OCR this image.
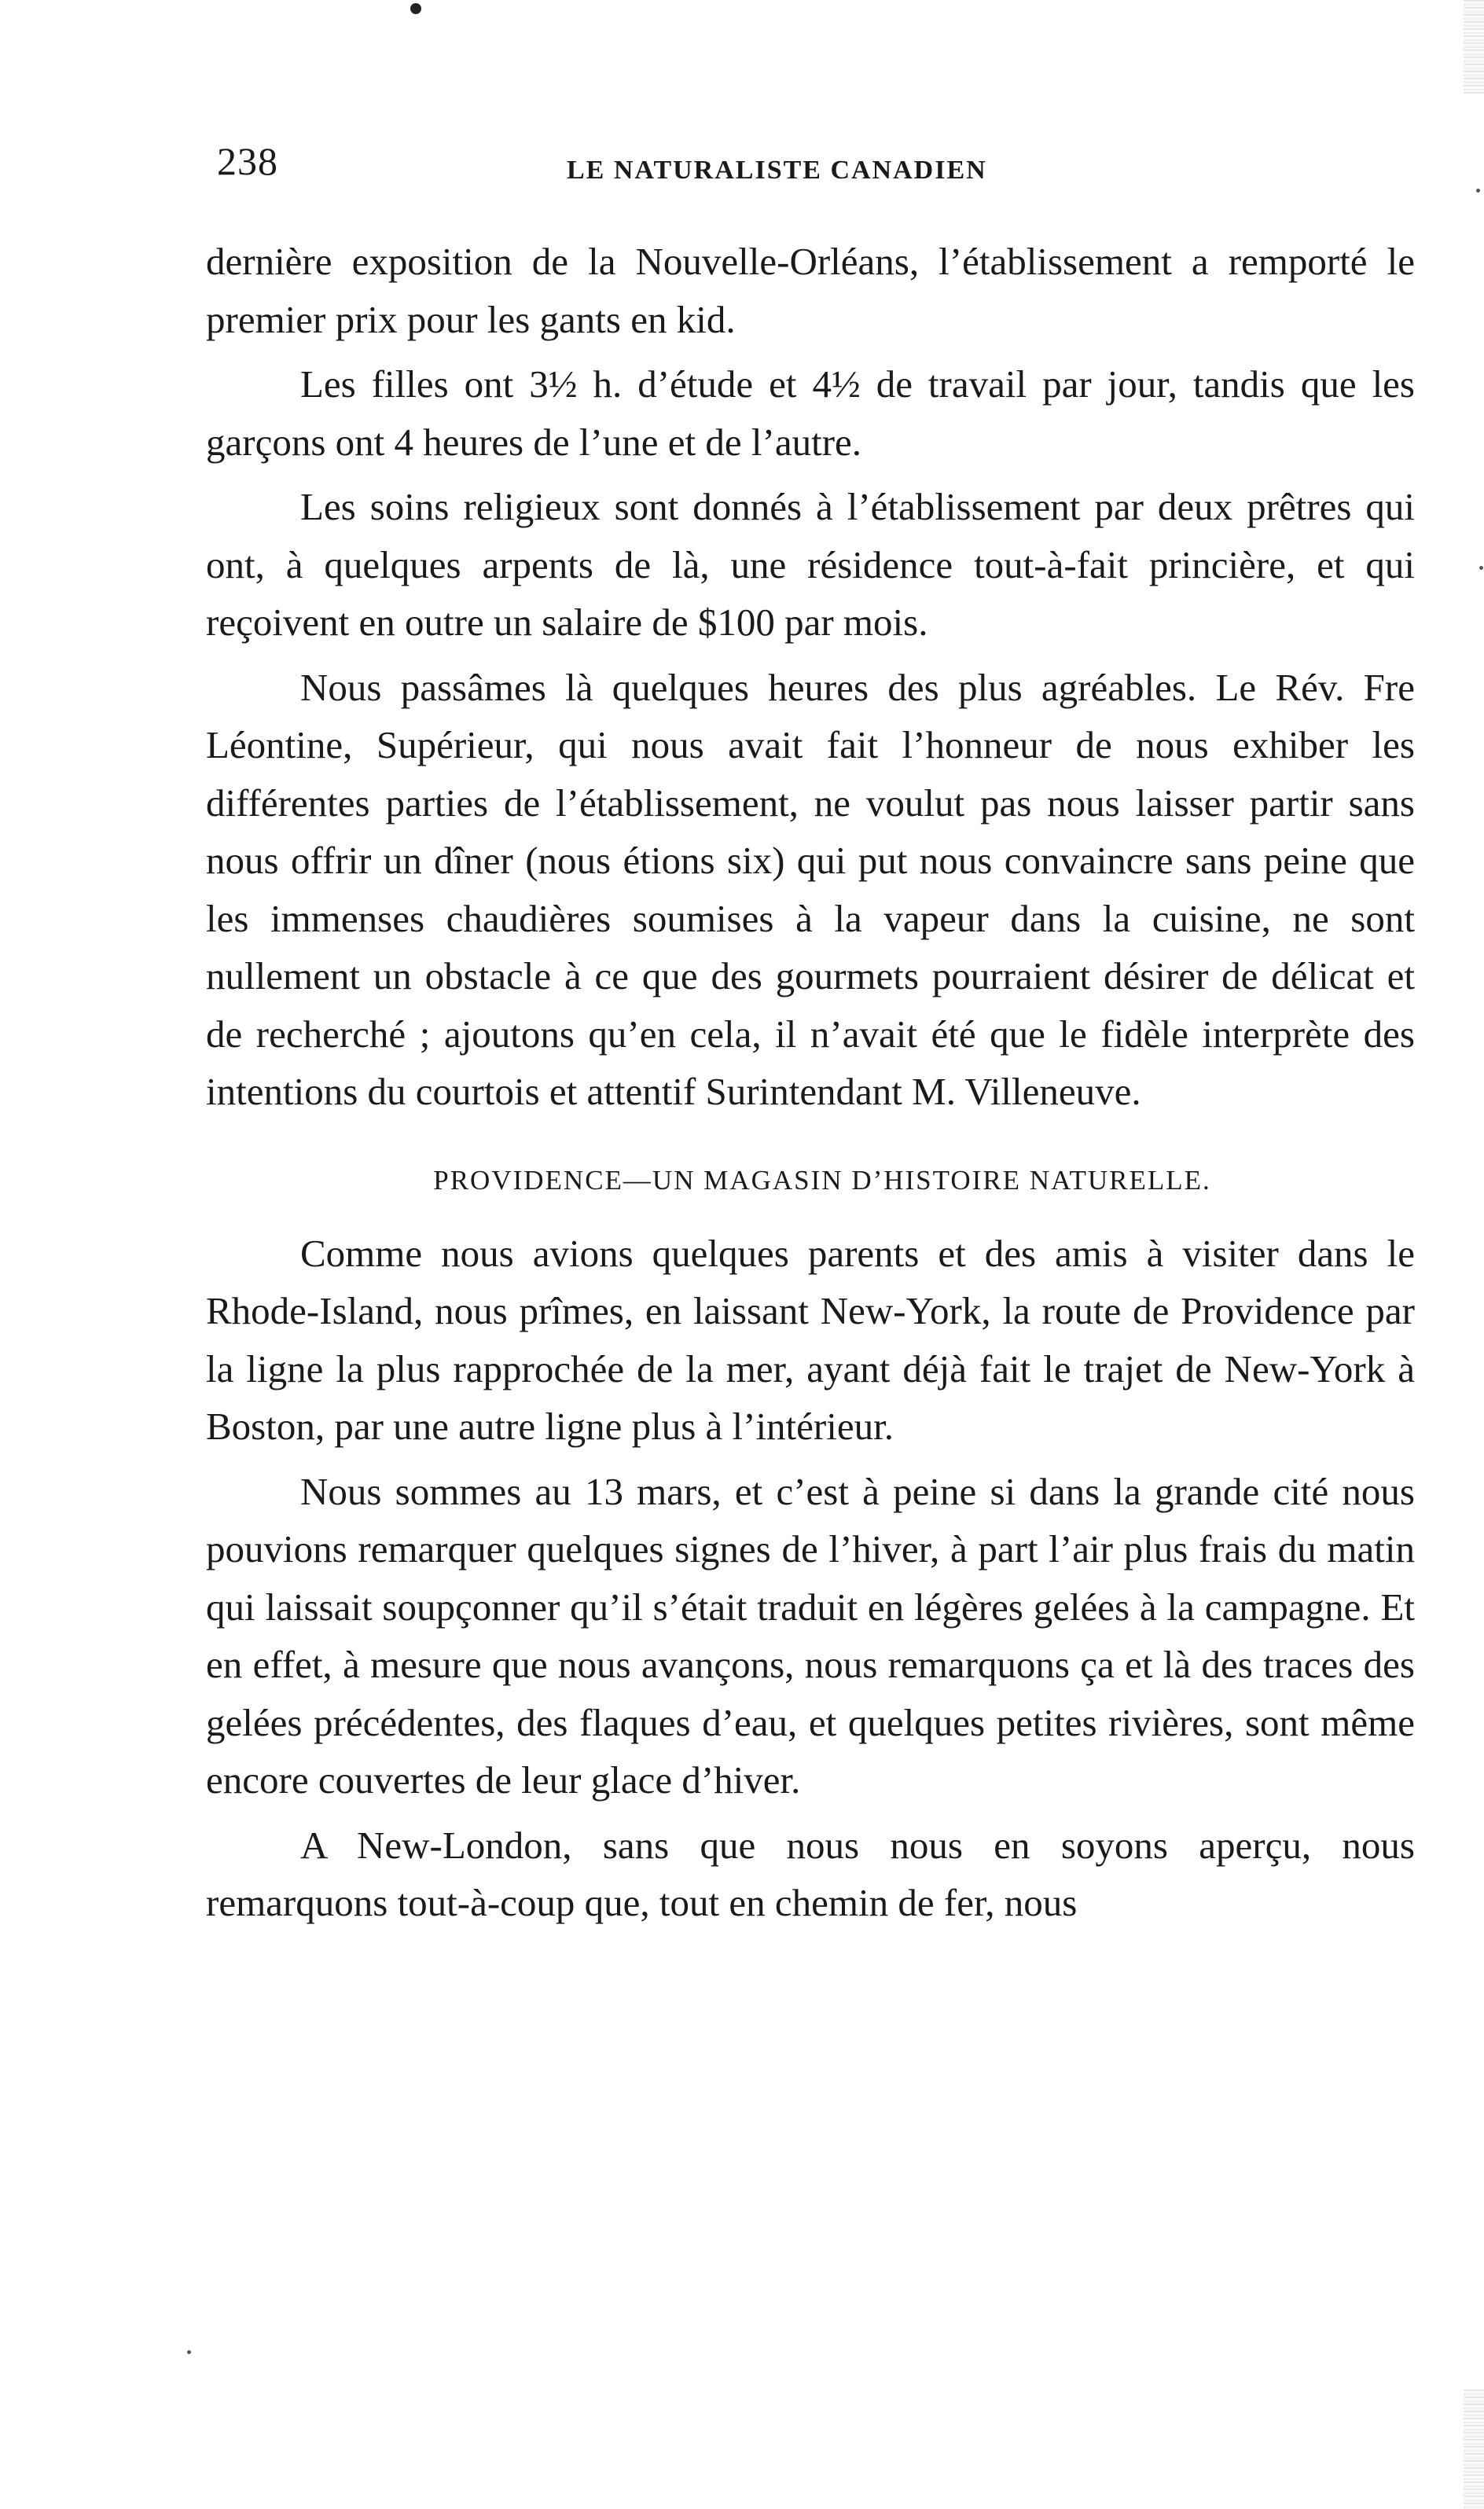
238	LE NATURALISTE CANADIEN

dernière exposition de la Nouvelle-Orléans, l’établissement a remporté le premier prix pour les gants en kid.

Les filles ont 3½ h. d’étude et 4½ de travail par jour, tandis que les garçons ont 4 heures de l’une et de l’autre.

Les soins religieux sont donnés à l’établissement par deux prêtres qui ont, à quelques arpents de là, une résidence tout-à-fait princière, et qui reçoivent en outre un salaire de $100 par mois.

Nous passâmes là quelques heures des plus agréables. Le Rév. Fre Léontine, Supérieur, qui nous avait fait l’honneur de nous exhiber les différentes parties de l’établissement, ne voulut pas nous laisser partir sans nous offrir un dîner (nous étions six) qui put nous convaincre sans peine que les immenses chaudières soumises à la vapeur dans la cuisine, ne sont nullement un obstacle à ce que des gourmets pourraient désirer de délicat et de recherché ; ajoutons qu’en cela, il n’avait été que le fidèle interprète des intentions du courtois et attentif Surintendant M. Villeneuve.

PROVIDENCE—UN MAGASIN D’HISTOIRE NATURELLE.

Comme nous avions quelques parents et des amis à visiter dans le Rhode-Island, nous prîmes, en laissant New-York, la route de Providence par la ligne la plus rapprochée de la mer, ayant déjà fait le trajet de New-York à Boston, par une autre ligne plus à l’intérieur.

Nous sommes au 13 mars, et c’est à peine si dans la grande cité nous pouvions remarquer quelques signes de l’hiver, à part l’air plus frais du matin qui laissait soupçonner qu’il s’était traduit en légères gelées à la campagne. Et en effet, à mesure que nous avançons, nous remarquons ça et là des traces des gelées précédentes, des flaques d’eau, et quelques petites rivières, sont même encore couvertes de leur glace d’hiver.

A New-London, sans que nous nous en soyons aperçu, nous remarquons tout-à-coup que, tout en chemin de fer, nous
